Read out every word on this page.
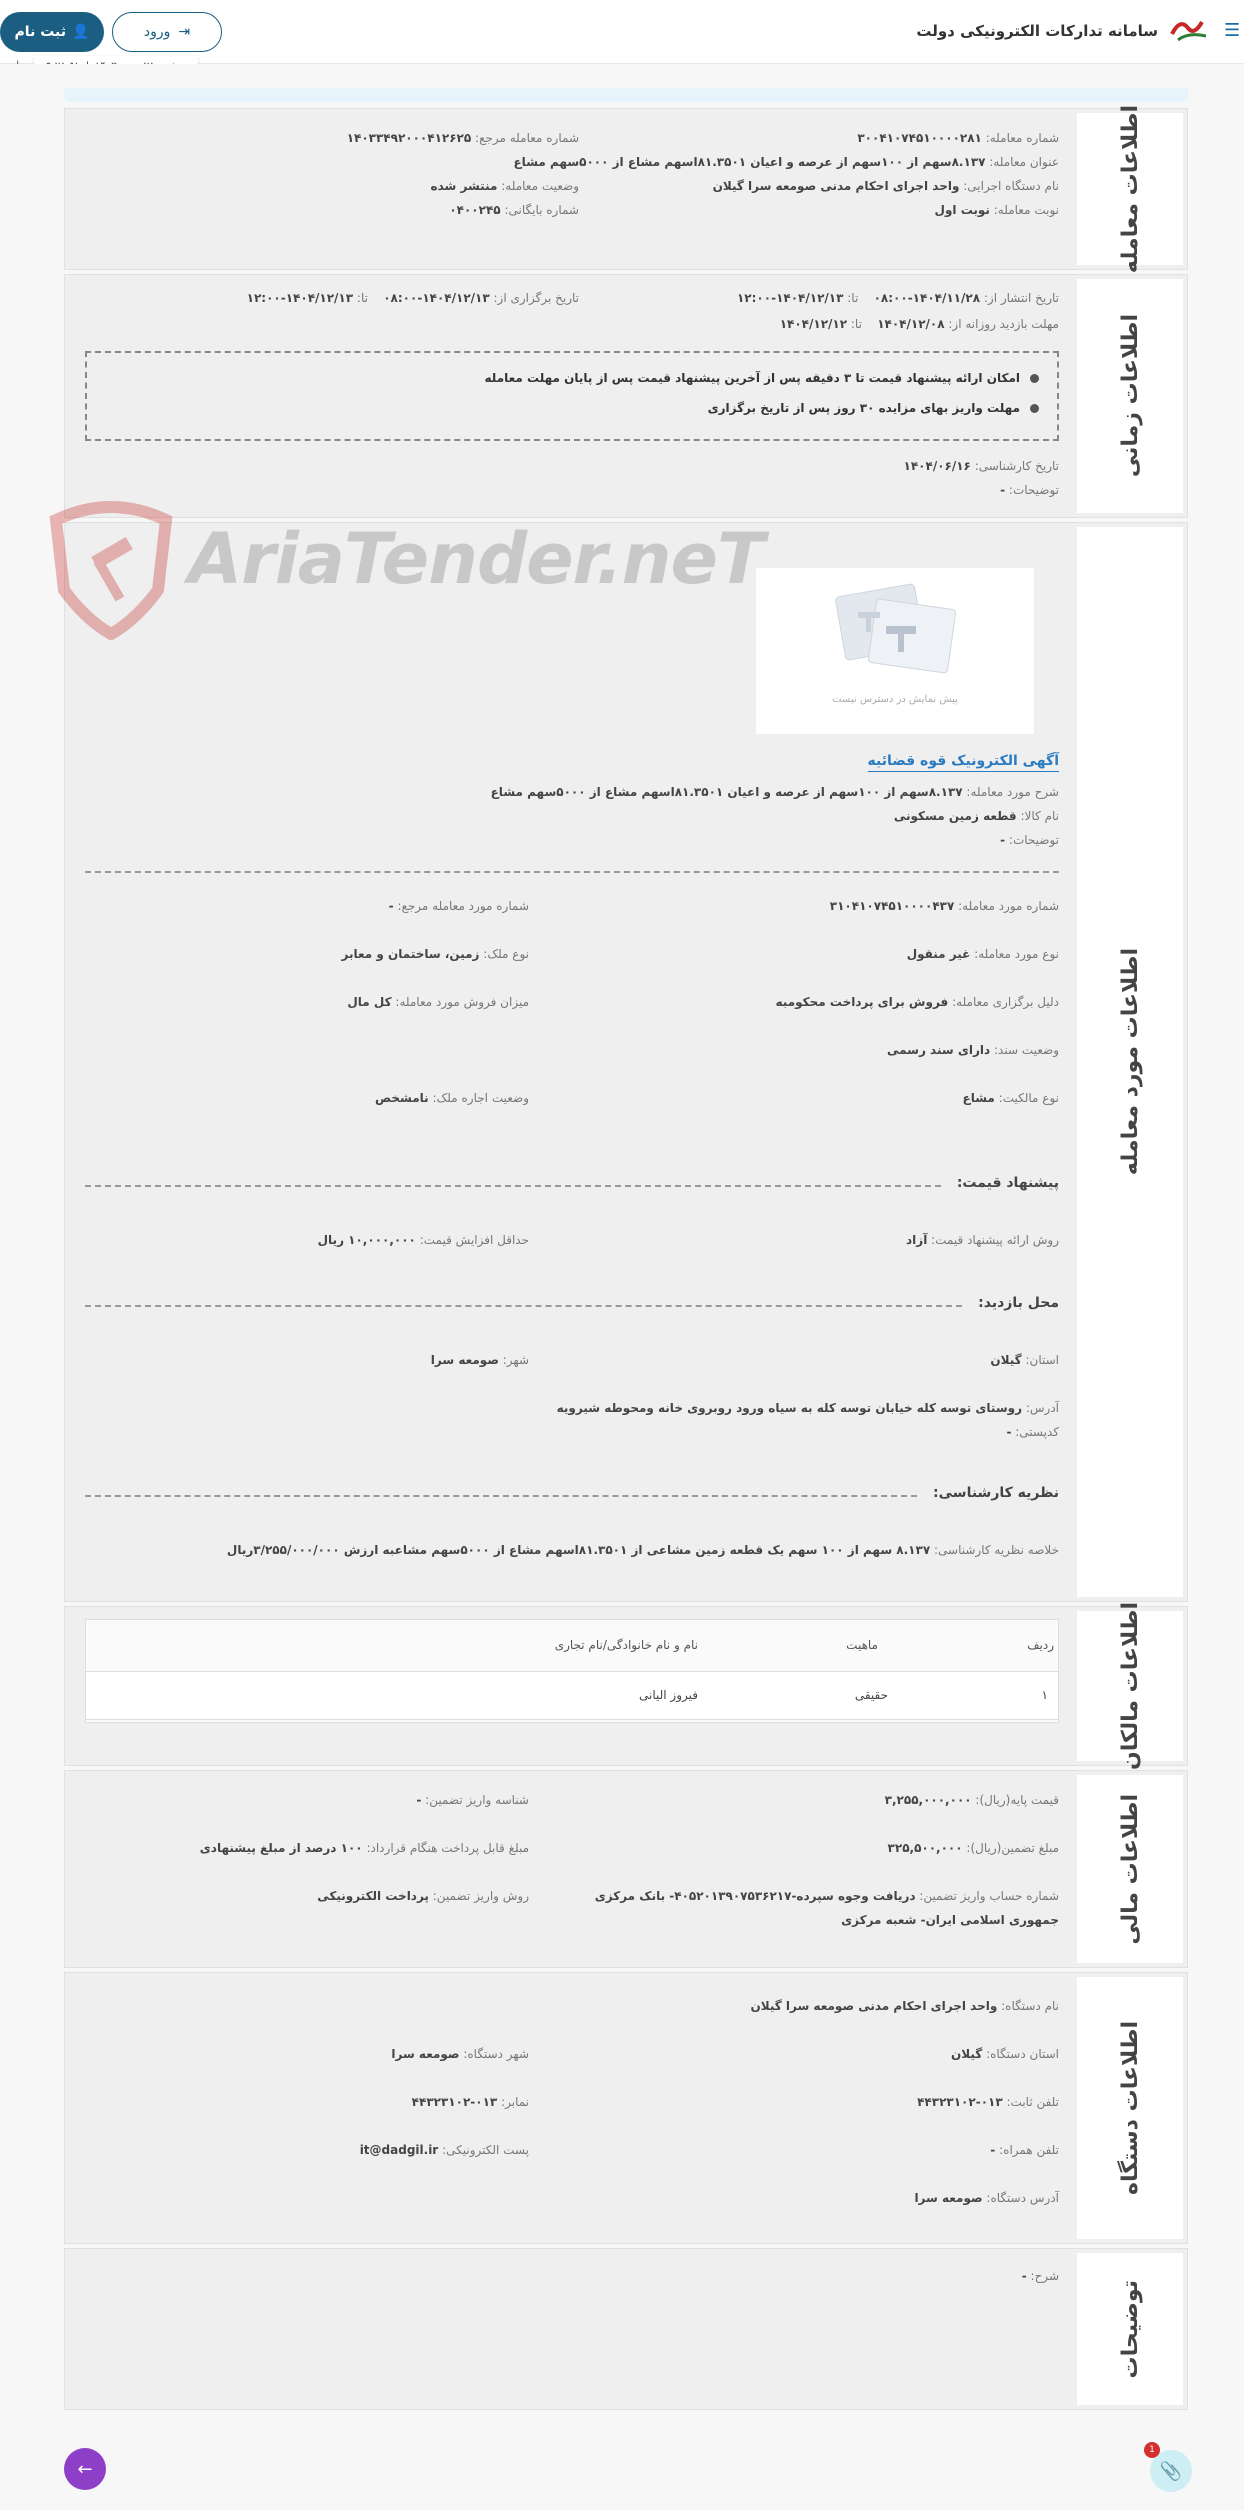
☰
سامانه تدارکات الکترونیکی دولت
ثبت نام 👤	ورود ⇥
اطلاعات معامله
شماره معامله: ۳۰۰۴۱۰۷۴۵۱۰۰۰۰۲۸۱
شماره معامله مرجع: ۱۴۰۳۳۴۹۲۰۰۰۴۱۲۶۲۵
عنوان معامله: ۸.۱۳۷سهم از ۱۰۰سهم از عرصه و اعیان ۸۱.۳۵۰۱اسهم مشاع از ۵۰۰۰سهم مشاع
وضعیت معامله: منتشر شده	نام دستگاه اجرایی: واحد اجرای احکام مدنی صومعه سرا گیلان
شماره بایگانی: ۰۴۰۰۲۴۵	نوبت معامله: نوبت اول
اطلاعات زمانی
تاریخ انتشار از: ۱۴۰۴/۱۱/۲۸-۰۸:۰۰    تا: ۱۴۰۴/۱۲/۱۳-۱۲:۰۰
تاریخ برگزاری از: ۱۴۰۴/۱۲/۱۳-۰۸:۰۰    تا: ۱۴۰۴/۱۲/۱۳-۱۲:۰۰
مهلت بازدید روزانه از: ۱۴۰۴/۱۲/۰۸    تا: ۱۴۰۴/۱۲/۱۲
امکان ارائه پیشنهاد قیمت تا ۳ دقیقه پس از آخرین پیشنهاد قیمت پس از پایان مهلت معامله
مهلت واریز بهای مزایده ۳۰ روز پس از تاریخ برگزاری
تاریخ کارشناسی: ۱۴۰۴/۰۶/۱۶
توضیحات: -
اطلاعات مورد معامله
پیش نمایش در دسترس نیست
آگهی الکترونیک قوه قضائیه
شرح مورد معامله: ۸.۱۳۷سهم از ۱۰۰سهم از عرصه و اعیان ۸۱.۳۵۰۱اسهم مشاع از ۵۰۰۰سهم مشاع
نام کالا: قطعه زمین مسکونی
توضیحات: -
شماره مورد معامله: ۳۱۰۴۱۰۷۴۵۱۰۰۰۰۴۳۷
شماره مورد معامله مرجع: -
نوع مورد معامله: غیر منقول
نوع ملک: زمین، ساختمان و معابر
دلیل برگزاری معامله: فروش برای پرداخت محکومبه
میزان فروش مورد معامله: کل مال
وضعیت سند: دارای سند رسمی
نوع مالکیت: مشاع
وضعیت اجاره ملک: نامشخص
پیشنهاد قیمت:
روش ارائه پیشنهاد قیمت: آزاد
حداقل افزایش قیمت: ۱۰,۰۰۰,۰۰۰ ریال
محل بازدید:
استان: گیلان
شهر: صومعه سرا
آدرس: روستای توسه کله خیابان توسه کله به سیاه ورود روبروی خانه ومحوطه شیرویه
کدپستی: -
نظریه کارشناسی:
خلاصه نظریه کارشناسی: ۸.۱۳۷ سهم از ۱۰۰ سهم یک قطعه زمین مشاعی از ۸۱.۳۵۰۱اسهم مشاع از ۵۰۰۰سهم مشاعبه ارزش ۳/۲۵۵/۰۰۰/۰۰۰ریال
اطلاعات مالکان
ردیف
ماهیت
نام و نام خانوادگی/نام تجاری
۱
حقیقی
فیروز الیانی
اطلاعات مالی
قیمت پایه(ریال): ۳,۲۵۵,۰۰۰,۰۰۰
شناسه واریز تضمین: -
مبلغ تضمین(ریال): ۳۲۵,۵۰۰,۰۰۰
مبلغ قابل پرداخت هنگام قرارداد: ۱۰۰ درصد از مبلغ پیشنهادی
شماره حساب واریز تضمین: دریافت وجوه سپرده-۴۰۵۲۰۱۳۹۰۷۵۳۶۲۱۷- بانک مرکزی
جمهوری اسلامی ایران- شعبه مرکزی
روش واریز تضمین: پرداخت الکترونیکی
اطلاعات دستگاه
نام دستگاه: واحد اجرای احکام مدنی صومعه سرا گیلان
استان دستگاه: گیلان
شهر دستگاه: صومعه سرا
تلفن ثابت: ۰۱۳-۴۴۳۲۳۱۰۲
نمابر: ۰۱۳-۴۴۳۲۳۱۰۲
تلفن همراه: -
پست الکترونیکی: it@dadgil.ir
آدرس دستگاه: صومعه سرا
توضیحات
شرح: -
AriaTender.neT
←	📎
1
